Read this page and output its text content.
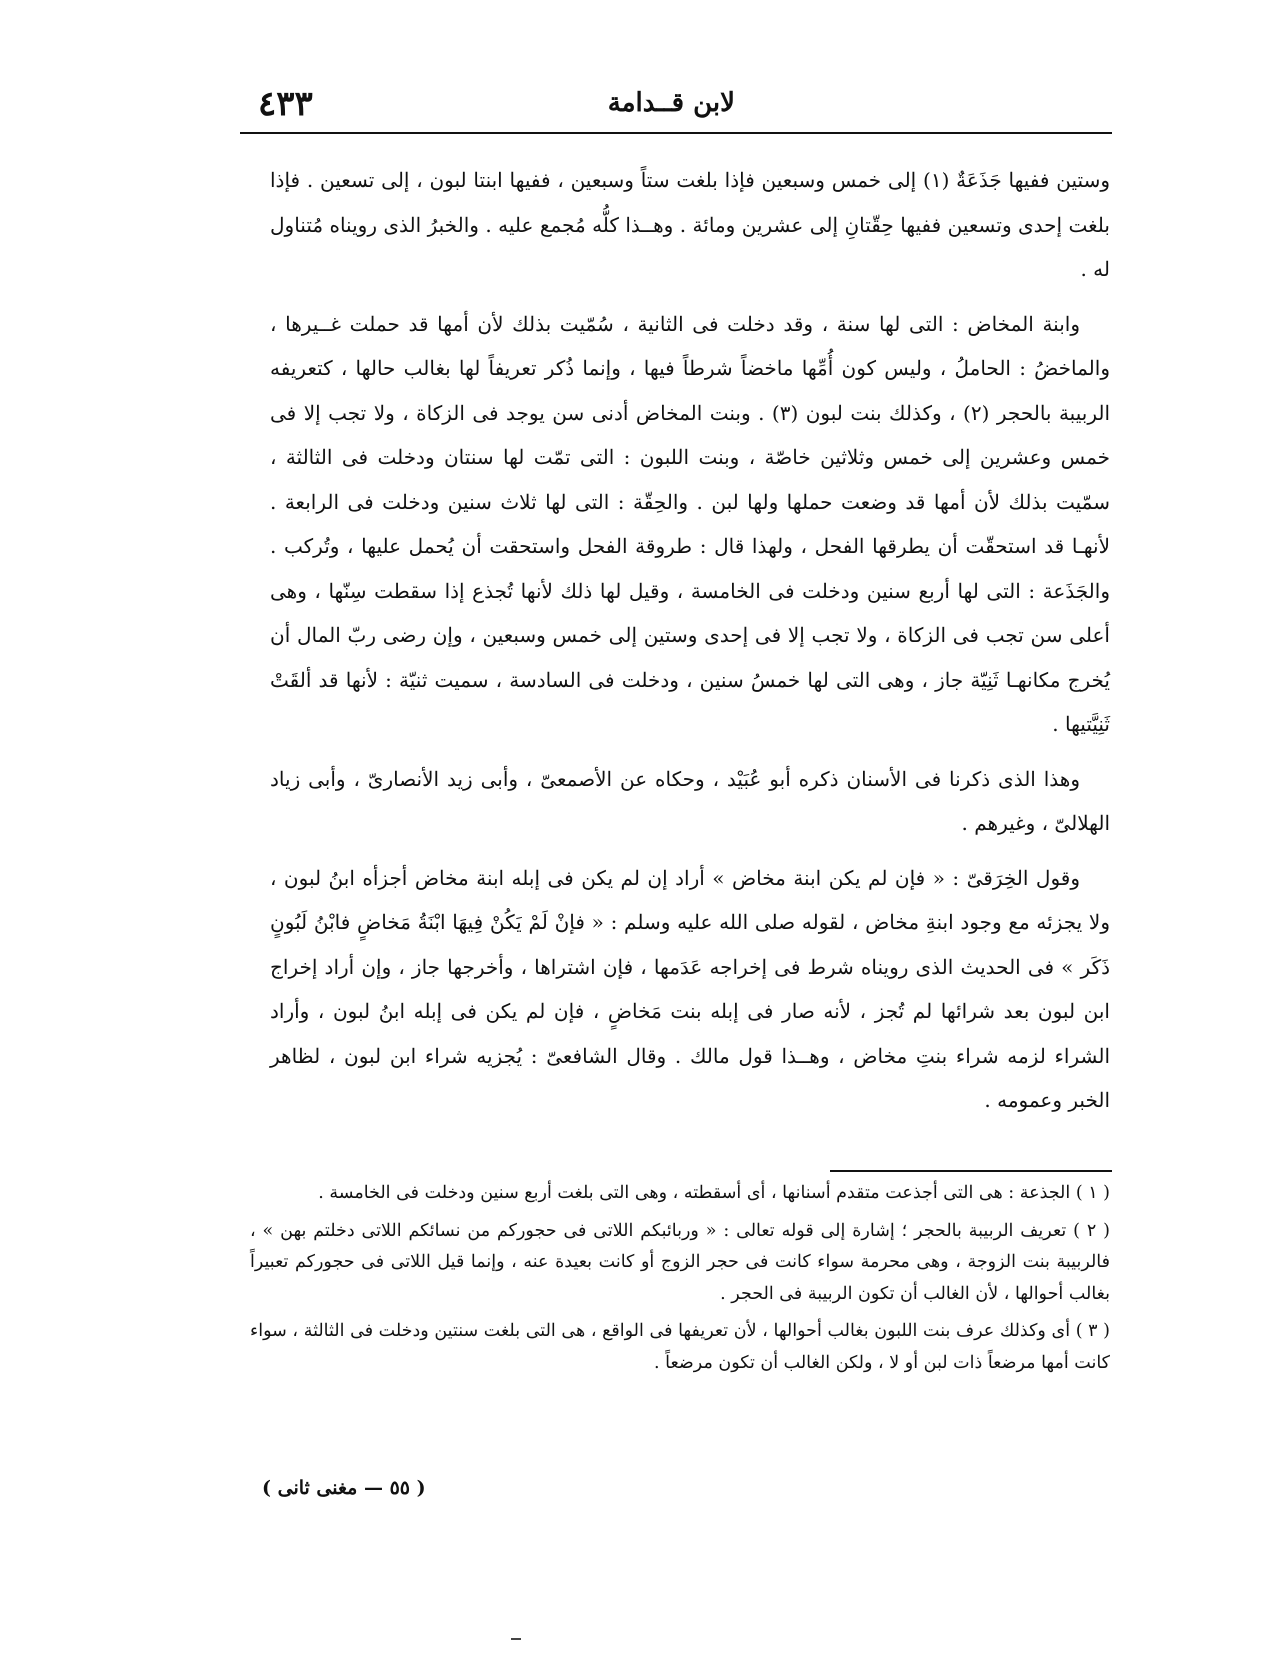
لابن قــدامة
٤٣٣

وستين ففيها جَذَعَةٌ (١) إلى خمس وسبعين فإذا بلغت ستاً وسبعين ، ففيها ابنتا لبون ، إلى تسعين . فإذا بلغت إحدى وتسعين ففيها حِقّتانِ إلى عشرين ومائة . وهــذا كلُّه مُجمع عليه . والخبرُ الذى رويناه مُتناول له .

وابنة المخاض : التى لها سنة ، وقد دخلت فى الثانية ، سُمّيت بذلك لأن أمها قد حملت غــيرها ، والماخضُ : الحاملُ ، وليس كون أُمِّها ماخضاً شرطاً فيها ، وإنما ذُكر تعريفاً لها بغالب حالها ، كتعريفه الربيبة بالحجر (٢) ، وكذلك بنت لبون (٣) . وبنت المخاض أدنى سن يوجد فى الزكاة ، ولا تجب إلا فى خمس وعشرين إلى خمس وثلاثين خاصّة ، وبنت اللبون : التى تمّت لها سنتان ودخلت فى الثالثة ، سمّيت بذلك لأن أمها قد وضعت حملها ولها لبن . والحِقّة : التى لها ثلاث سنين ودخلت فى الرابعة . لأنهـا قد استحقّت أن يطرقها الفحل ، ولهذا قال : طروقة الفحل واستحقت أن يُحمل عليها ، وتُركب . والجَذَعة : التى لها أربع سنين ودخلت فى الخامسة ، وقيل لها ذلك لأنها تُجذع إذا سقطت سِنّها ، وهى أعلى سن تجب فى الزكاة ، ولا تجب إلا فى إحدى وستين إلى خمس وسبعين ، وإن رضى ربّ المال أن يُخرج مكانهـا ثَنِيّة جاز ، وهى التى لها خمسُ سنين ، ودخلت فى السادسة ، سميت ثنيّة : لأنها قد ألقَتْ ثَنِيَّتيها .

وهذا الذى ذكرنا فى الأسنان ذكره أبو عُبَيْد ، وحكاه عن الأصمعىّ ، وأبى زيد الأنصارىّ ، وأبى زياد الهلالىّ ، وغيرهم .

وقول الخِرَقىّ : « فإن لم يكن ابنة مخاض » أراد إن لم يكن فى إبله ابنة مخاض أجزأه ابنُ لبون ، ولا يجزئه مع وجود ابنةِ مخاض ، لقوله صلى الله عليه وسلم : « فإنْ لَمْ يَكُنْ فِيهَا ابْنَةُ مَخاضٍ فابْنُ لَبُونٍ ذَكَر » فى الحديث الذى رويناه شرط فى إخراجه عَدَمها ، فإن اشتراها ، وأخرجها جاز ، وإن أراد إخراج ابن لبون بعد شرائها لم تُجز ، لأنه صار فى إبله بنت مَخاضٍ ، فإن لم يكن فى إبله ابنُ لبون ، وأراد الشراء لزمه شراء بنتِ مخاض ، وهــذا قول مالك . وقال الشافعىّ : يُجزيه شراء ابن لبون ، لظاهر الخبر وعمومه .

( ١ ) الجذعة : هى التى أجذعت متقدم أسنانها ، أى أسقطته ، وهى التى بلغت أربع سنين ودخلت فى الخامسة .

( ٢ ) تعريف الربيبة بالحجر ؛ إشارة إلى قوله تعالى : « وربائبكم اللاتى فى حجوركم من نسائكم اللاتى دخلتم بهن » ، فالربيبة بنت الزوجة ، وهى محرمة سواء كانت فى حجر الزوج أو كانت بعيدة عنه ، وإنما قيل اللاتى فى حجوركم تعبيراً بغالب أحوالها ، لأن الغالب أن تكون الربيبة فى الحجر .

( ٣ ) أى وكذلك عرف بنت اللبون بغالب أحوالها ، لأن تعريفها فى الواقع ، هى التى بلغت سنتين ودخلت فى الثالثة ، سواء كانت أمها مرضعاً ذات لبن أو لا ، ولكن الغالب أن تكون مرضعاً .

( ٥٥ — مغنى ثانى )
